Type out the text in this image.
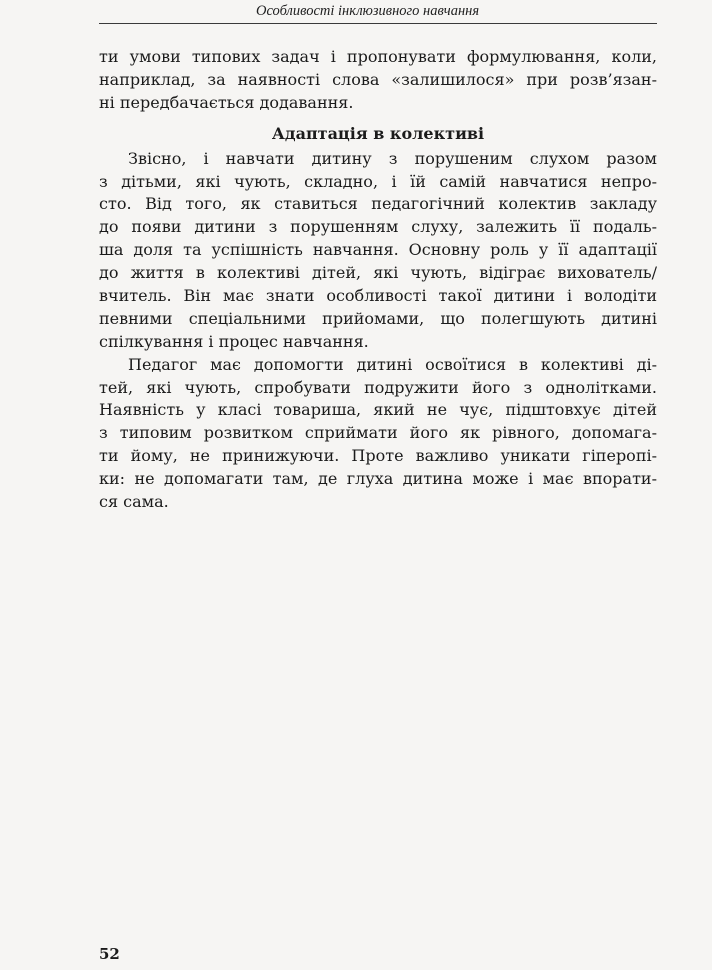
Особливості інклюзивного навчання
ти умови типових задач і пропонувати формулювання, коли,
наприклад, за наявності слова «залишилося» при розв’язан-
ні передбачається додавання.
Адаптація в колективі
Звісно, і навчати дитину з порушеним слухом разом
з дітьми, які чують, складно, і їй самій навчатися непро-
сто. Від того, як ставиться педагогічний колектив закладу
до появи дитини з порушенням слуху, залежить її подаль-
ша доля та успішність навчання. Основну роль у її адаптації
до життя в колективі дітей, які чують, відіграє вихователь/
вчитель. Він має знати особливості такої дитини і володіти
певними спеціальними прийомами, що полегшують дитині
спілкування і процес навчання.
Педагог має допомогти дитині освоїтися в колективі ді-
тей, які чують, спробувати подружити його з однолітками.
Наявність у класі товариша, який не чує, підштовхує дітей
з типовим розвитком сприймати його як рівного, допомага-
ти йому, не принижуючи. Проте важливо уникати гіперопі-
ки: не допомагати там, де глуха дитина може і має впорати-
ся сама.
52
